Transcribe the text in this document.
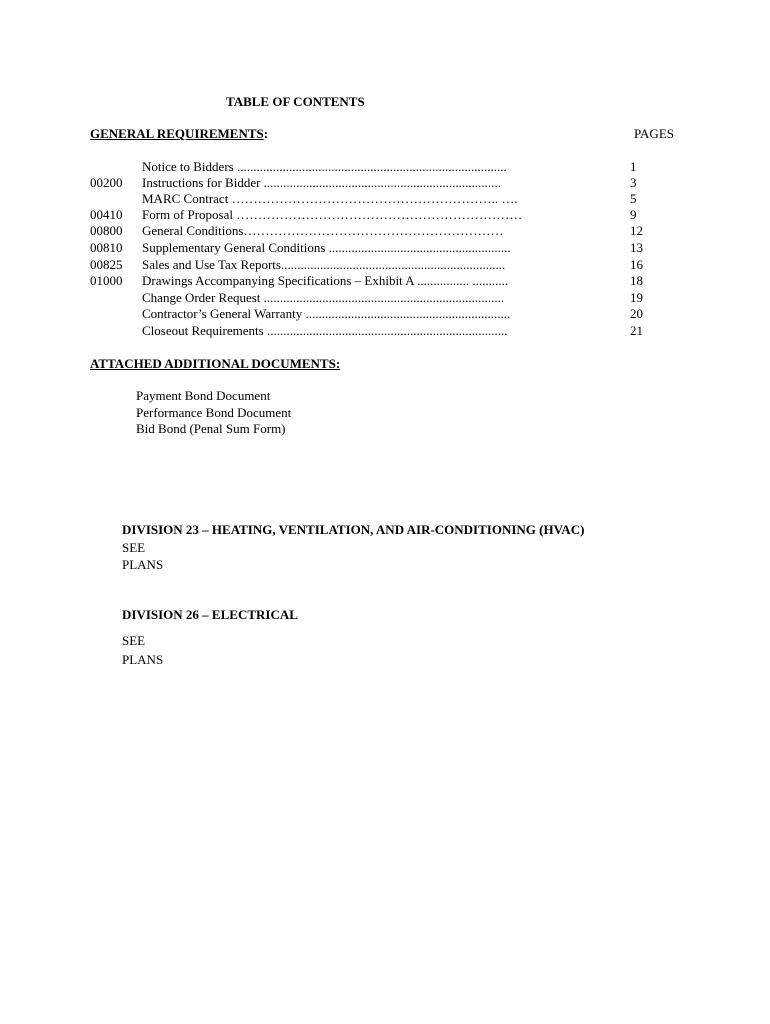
TABLE OF CONTENTS
GENERAL REQUIREMENTS:	PAGES
Notice to Bidders ...................................................................................	1
00200 Instructions for Bidder .........................................................................	3
MARC Contract …………………………………………………….. ….	5
00410 Form of Proposal …………………………………………………………	9
00800 General Conditions……………………………………………………	12
00810 Supplementary General Conditions ........................................................	13
00825 Sales and Use Tax Reports.....................................................................	16
01000 Drawings Accompanying Specifications – Exhibit A ................ ...........	18
Change Order Request ..........................................................................	19
Contractor’s General Warranty ...............................................................	20
Closeout Requirements ..........................................................................	21
ATTACHED ADDITIONAL DOCUMENTS:
Payment Bond Document
Performance Bond Document
Bid Bond (Penal Sum Form)
DIVISION 23 – HEATING, VENTILATION, AND AIR-CONDITIONING (HVAC)
SEE
PLANS
DIVISION 26 – ELECTRICAL
SEE
PLANS
